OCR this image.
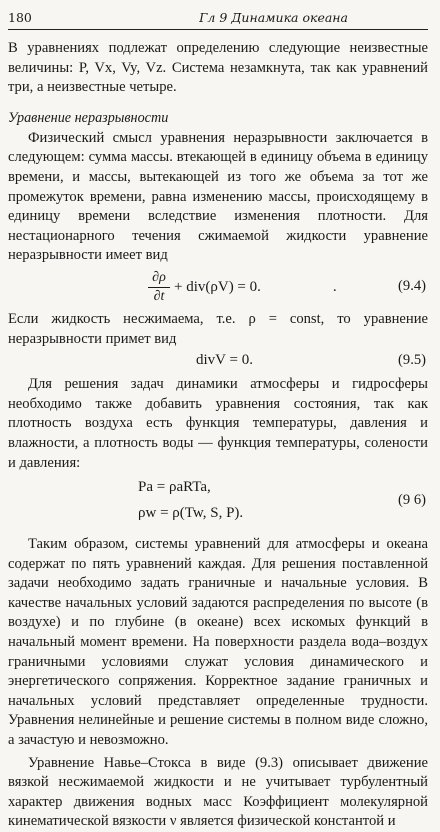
180	Гл 9 Динамика океана

В уравнениях подлежат определению следующие неизвестные величины: P, Vx, Vy, Vz. Система незамкнута, так как уравнений три, а неизвестные четыре.

Уравнение неразрывности

Физический смысл уравнения неразрывности заключается в следующем: сумма массы. втекающей в единицу объема в единицу времени, и массы, вытекающей из того же объема за тот же промежуток времени, равна изменению массы, происходящему в единицу времени вследствие изменения плотности. Для нестационарного течения сжимаемой жидкости уравнение неразрывности имеет вид

$\frac{\partial\rho}{\partial t} + div(\rho V) = 0$.	.	(9.4)

Если жидкость несжимаема, т.е. ρ = const, то уравнение неразрывности примет вид

divV = 0.	(9.5)

Для решения задач динамики атмосферы и гидросферы необходимо также добавить уравнения состояния, так как плотность воздуха есть функция температуры, давления и влажности, а плотность воды — функция температуры, солености и давления:

Pa = ρaRTa,
ρw = ρ(Tw, S, P).
(9 6)

Таким образом, системы уравнений для атмосферы и океана содержат по пять уравнений каждая. Для решения поставленной задачи необходимо задать граничные и начальные условия. В качестве начальных условий задаются распределения по высоте (в воздухе) и по глубине (в океане) всех искомых функций в начальный момент времени. На поверхности раздела вода–воздух граничными условиями служат условия динамического и энергетического сопряжения. Корректное задание граничных и начальных условий представляет определенные трудности. Уравнения нелинейные и решение системы в полном виде сложно, а зачастую и невозможно.

Уравнение Навье–Стокса в виде (9.3) описывает движение вязкой несжимаемой жидкости и не учитывает турбулентный характер движения водных масс Коэффициент молекулярной кинематической вязкости ν является физической константой и
